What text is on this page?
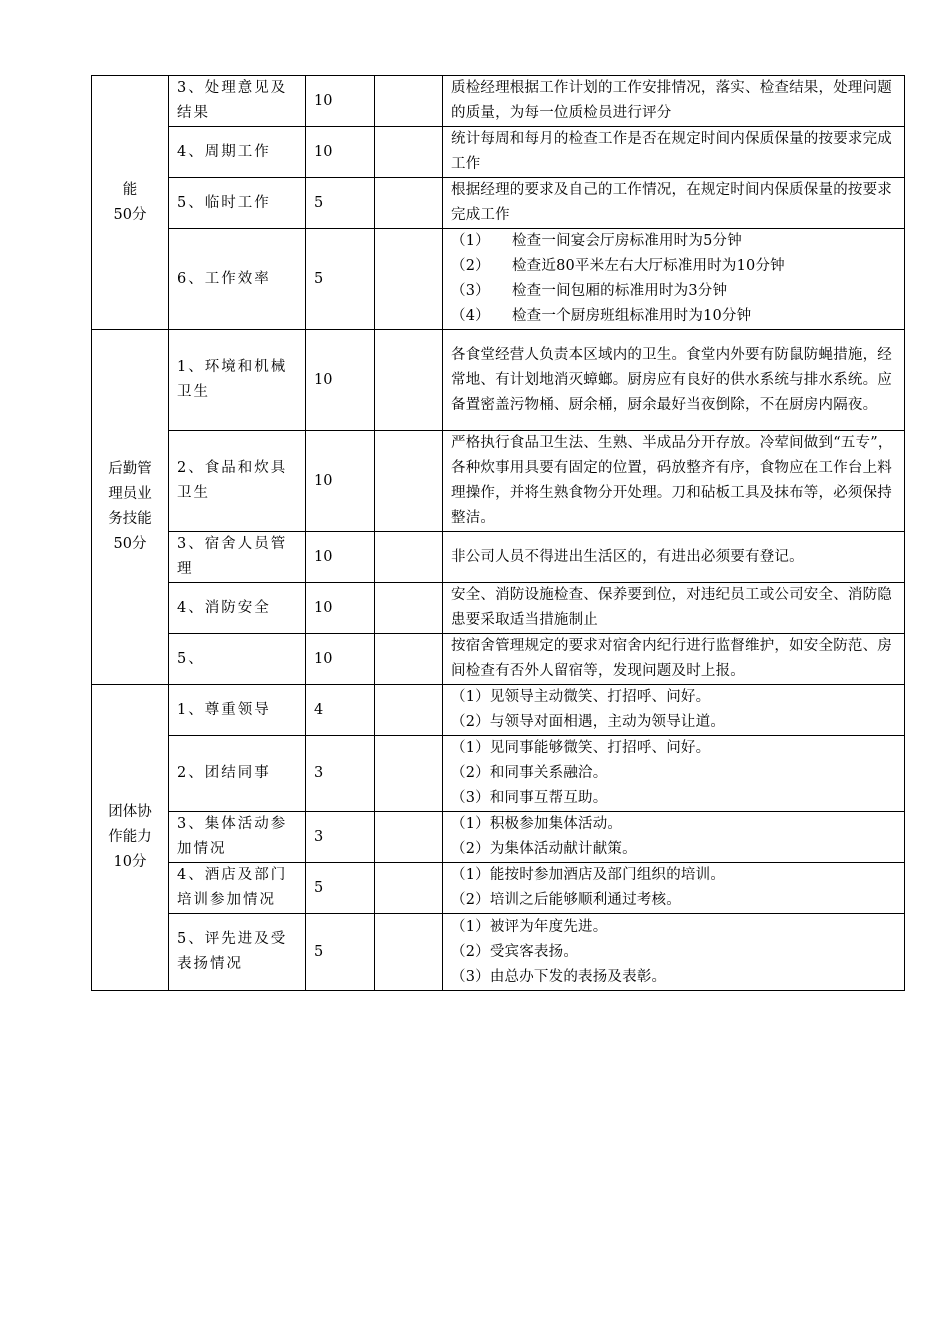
能
50分	3、处理意见及结果	10		质检经理根据工作计划的工作安排情况，落实、检查结果，处理问题的质量，为每一位质检员进行评分

	4、周期工作	10		统计每周和每月的检查工作是否在规定时间内保质保量的按要求完成工作

	5、临时工作	5		根据经理的要求及自己的工作情况，在规定时间内保质保量的按要求完成工作

	6、工作效率	5		（1）　　检查一间宴会厅房标准用时为5分钟
（2）　　检查近80平米左右大厅标准用时为10分钟
（3）　　检查一间包厢的标准用时为3分钟
（4）　　检查一个厨房班组标准用时为10分钟

后勤管
理员业
务技能
50分	1、环境和机械卫生	10		各食堂经营人负责本区域内的卫生。食堂内外要有防鼠防蝇措施，经常地、有计划地消灭蟑螂。厨房应有良好的供水系统与排水系统。应备置密盖污物桶、厨余桶，厨余最好当夜倒除，不在厨房内隔夜。

	2、食品和炊具卫生	10		严格执行食品卫生法、生熟、半成品分开存放。冷荤间做到“五专”，　各种炊事用具要有固定的位置，码放整齐有序，食物应在工作台上料理操作，并将生熟食物分开处理。刀和砧板工具及抹布等，必须保持整洁。

	3、宿舍人员管理	10		非公司人员不得进出生活区的，有进出必须要有登记。

	4、消防安全	10		安全、消防设施检查、保养要到位，对违纪员工或公司安全、消防隐患要采取适当措施制止

	5、	10		按宿舍管理规定的要求对宿舍内纪行进行监督维护，如安全防范、房间检查有否外人留宿等，发现问题及时上报。

团体协
作能力
10分	1、尊重领导	4		（1）见领导主动微笑、打招呼、问好。
（2）与领导对面相遇，主动为领导让道。

	2、团结同事	3		（1）见同事能够微笑、打招呼、问好。
（2）和同事关系融洽。
（3）和同事互帮互助。

	3、集体活动参加情况	3		（1）积极参加集体活动。
（2）为集体活动献计献策。

	4、酒店及部门培训参加情况	5		（1）能按时参加酒店及部门组织的培训。
（2）培训之后能够顺利通过考核。

	5、评先进及受表扬情况	5		（1）被评为年度先进。
（2）受宾客表扬。
（3）由总办下发的表扬及表彰。
